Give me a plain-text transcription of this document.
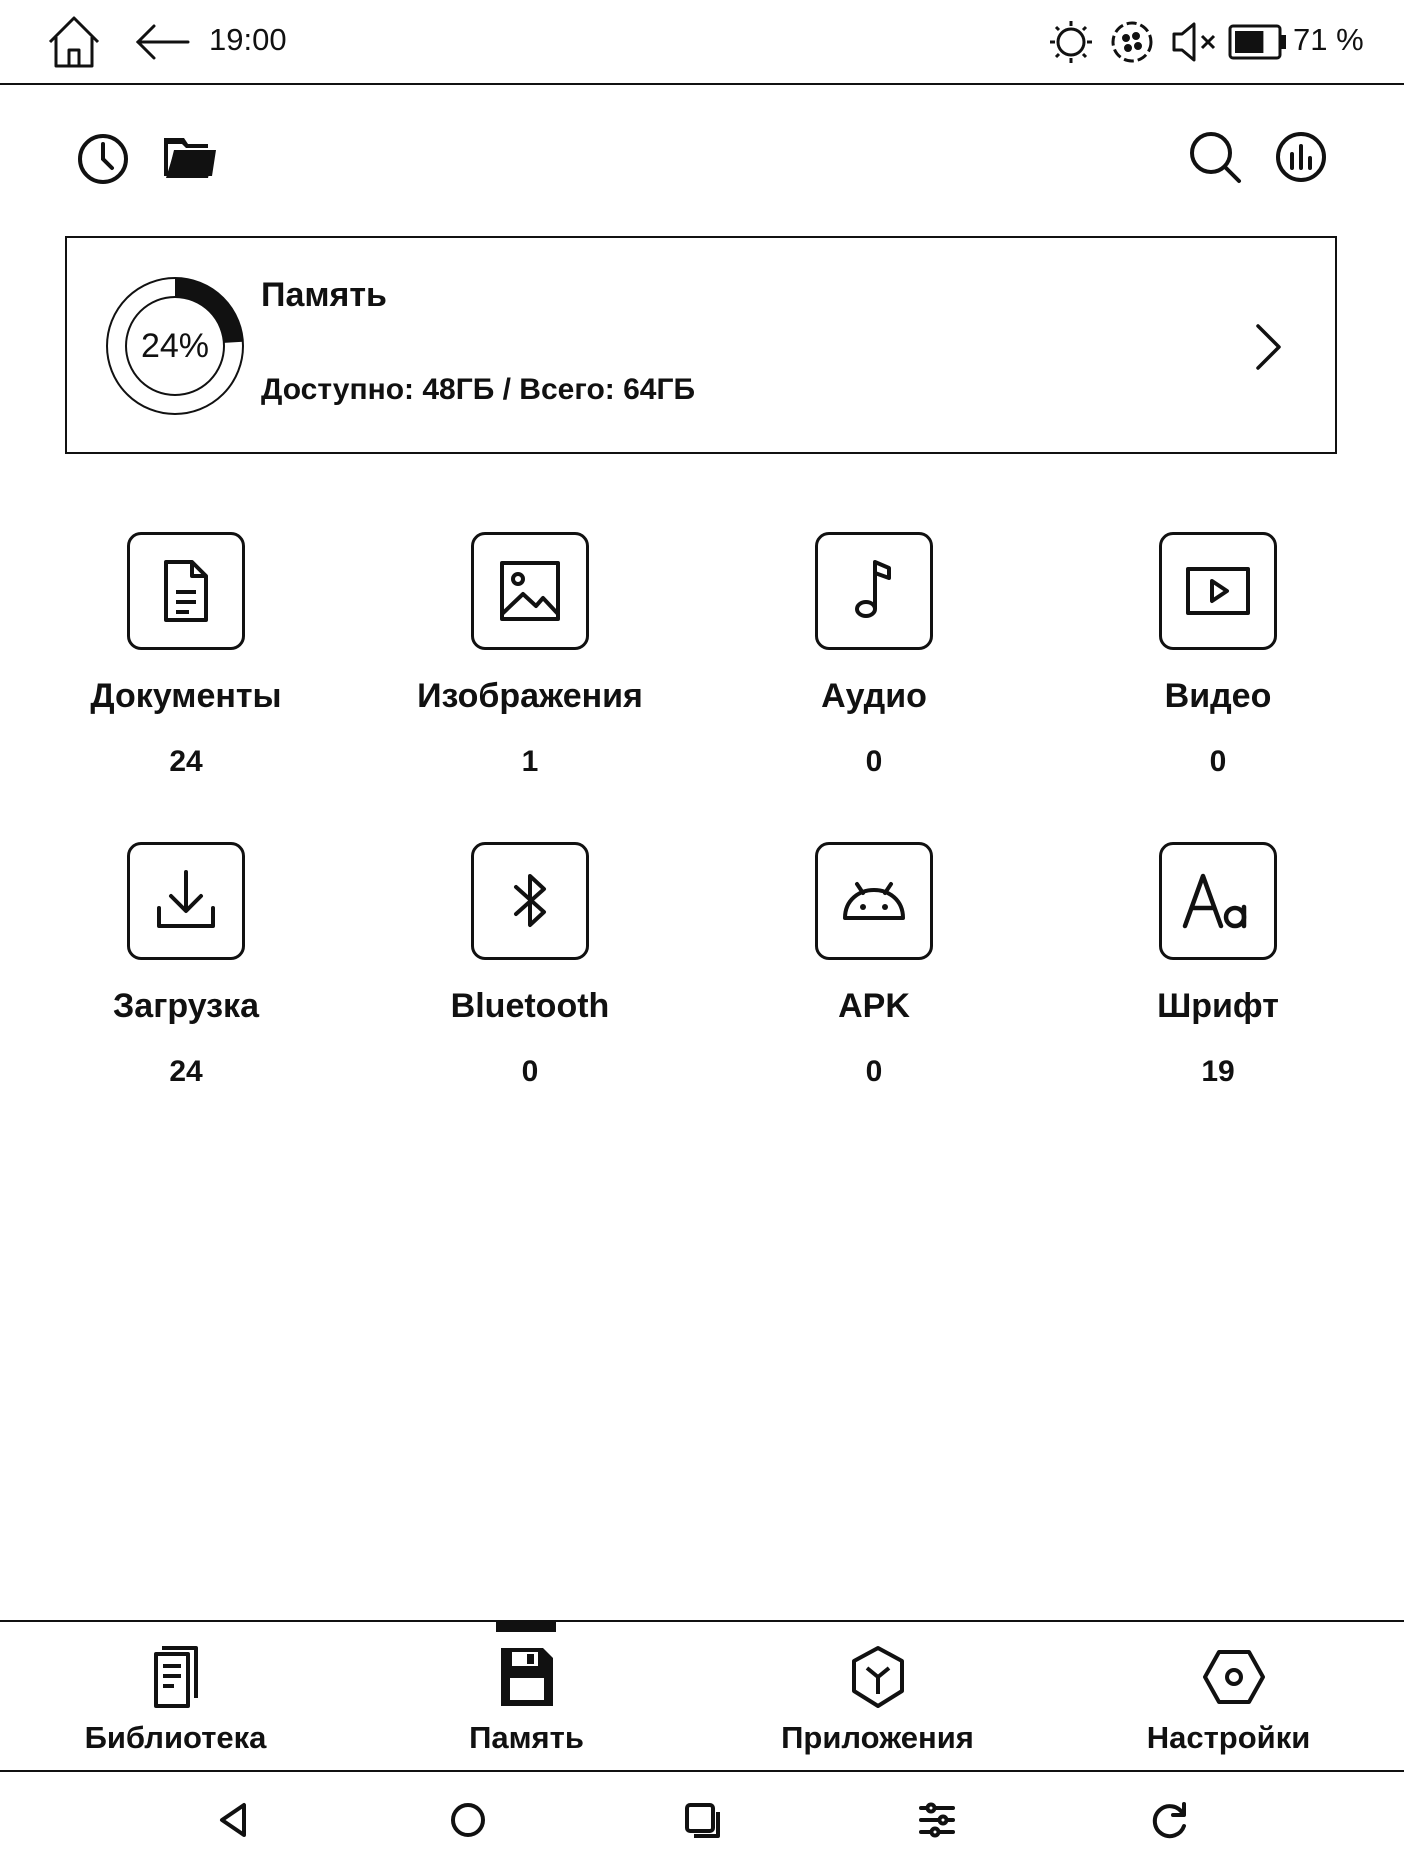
19:00	71 %
24%
Память
Доступно: 48ГБ / Всего: 64ГБ
Документы
24
Изображения
1
Аудио
0
Видео
0
Загрузка
24
Bluetooth
0
APK
0
Шрифт
19
Библиотека	Память	Приложения	Настройки
